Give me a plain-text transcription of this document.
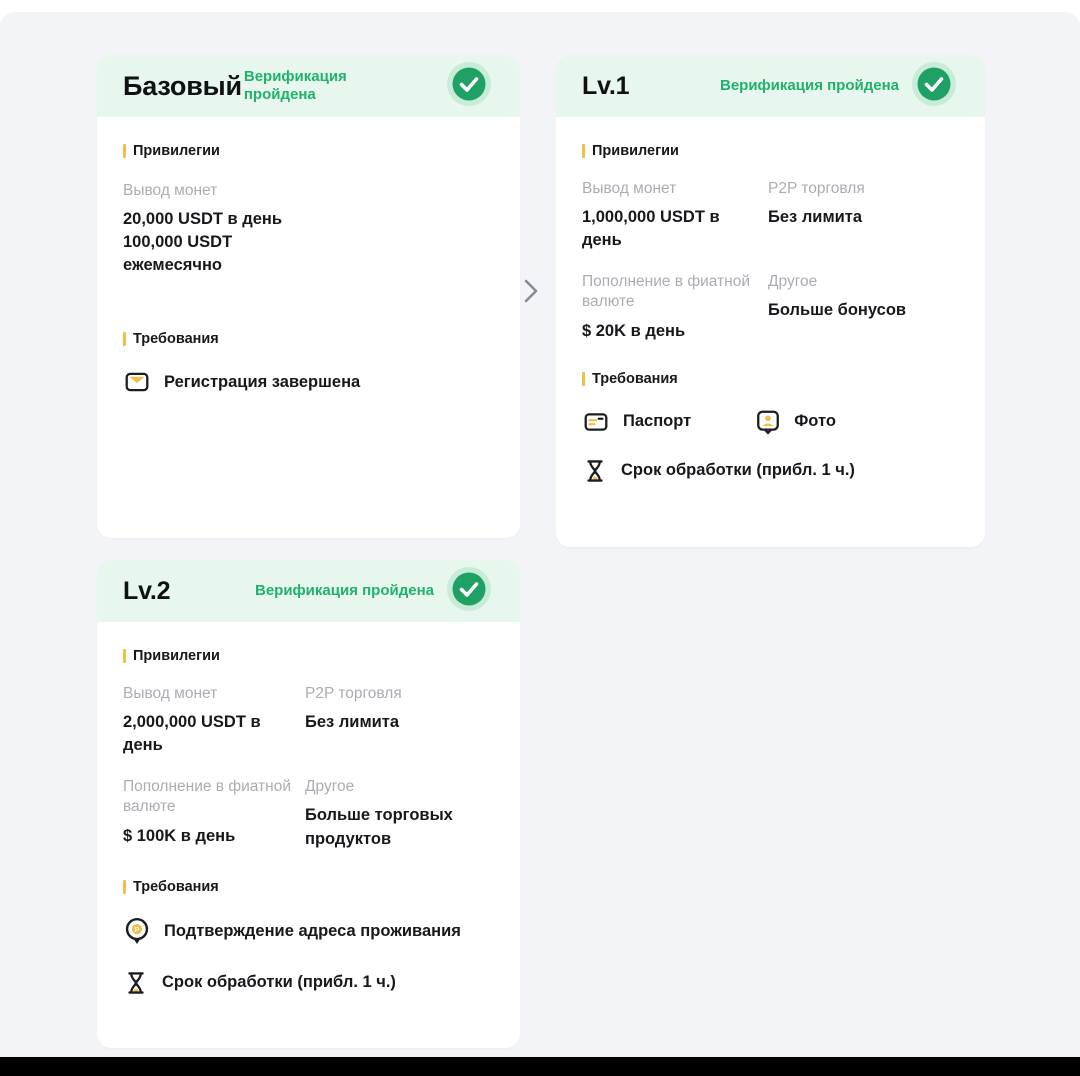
Базовый Верификация пройдена
Привилегии
Вывод монет
20,000 USDT в день
100,000 USDT ежемесячно
Требования
Регистрация завершена
Lv.1	Верификация пройдена
Привилегии
Вывод монет
1,000,000 USDT в день
P2P торговля
Без лимита
Пополнение в фиатной валюте
$ 20K в день
Другое
Больше бонусов
Требования
Паспорт	Фото
Срок обработки (прибл. 1 ч.)
Lv.2	Верификация пройдена
Привилегии
Вывод монет
2,000,000 USDT в день
P2P торговля
Без лимита
Пополнение в фиатной валюте
$ 100K в день
Другое
Больше торговых продуктов
Требования
P Подтверждение адреса проживания
Срок обработки (прибл. 1 ч.)
